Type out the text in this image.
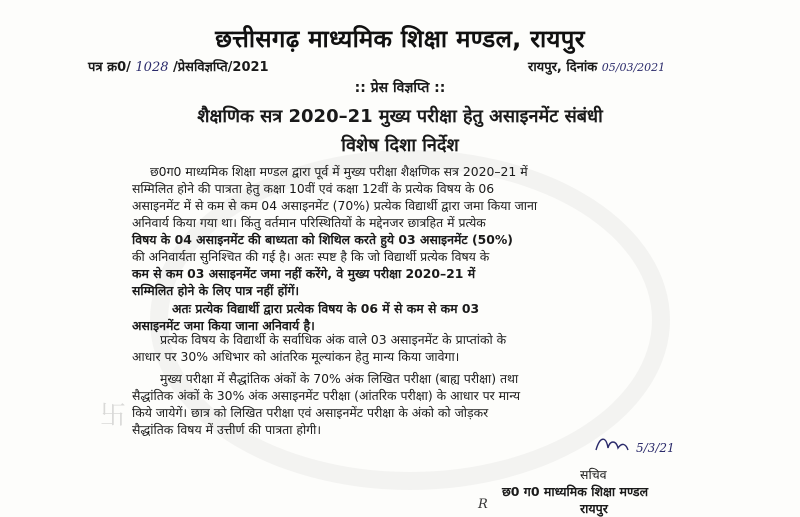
卐
छत्तीसगढ़ माध्यमिक शिक्षा मण्डल, रायपुर
पत्र क्र0/ 1028 /प्रेसविज्ञप्ति/2021	रायपुर, दिनांक 05/03/2021
:: प्रेस विज्ञप्ति ::
शैक्षणिक सत्र 2020–21 मुख्य परीक्षा हेतु असाइनमेंट संबंधी
विशेष दिशा निर्देश
छ0ग0 माध्यमिक शिक्षा मण्डल द्वारा पूर्व में मुख्य परीक्षा शैक्षणिक सत्र 2020–21 में
सम्मिलित होने की पात्रता हेतु कक्षा 10वीं एवं कक्षा 12वीं के प्रत्येक विषय के 06
असाइनमेंट में से कम से कम 04 असाइनमेंट (70%) प्रत्येक विद्यार्थी द्वारा जमा किया जाना
अनिवार्य किया गया था। किंतु वर्तमान परिस्थितियों के मद्देनजर छात्रहित में प्रत्येक
विषय के 04 असाइनमेंट की बाध्यता को शिथिल करते हुये 03 असाइनमेंट (50%)
की अनिवार्यता सुनिश्चित की गई है। अतः स्पष्ट है कि जो विद्यार्थी प्रत्येक विषय के
कम से कम 03 असाइनमेंट जमा नहीं करेंगे, वे मुख्य परीक्षा 2020–21 में
सम्मिलित होने के लिए पात्र नहीं होंगें।
अतः प्रत्येक विद्यार्थी द्वारा प्रत्येक विषय के 06 में से कम से कम 03
असाइनमेंट जमा किया जाना अनिवार्य है।
प्रत्येक विषय के विद्यार्थी के सर्वाधिक अंक वाले 03 असाइनमेंट के प्राप्तांको के
आधार पर 30% अधिभार को आंतरिक मूल्यांकन हेतु मान्य किया जावेगा।
मुख्य परीक्षा में सैद्धांतिक अंकों के 70% अंक लिखित परीक्षा (बाह्य परीक्षा) तथा
सैद्धांतिक अंकों के 30% अंक असाइनमेंट परीक्षा (आंतरिक परीक्षा) के आधार पर मान्य
किये जायेगें। छात्र को लिखित परीक्षा एवं असाइनमेंट परीक्षा के अंको को जोड़कर
सैद्धांतिक विषय में उत्तीर्ण की पात्रता होगी।
5/3/21
सचिव
छ0 ग0 माध्यमिक शिक्षा मण्डल
R	रायपुर
